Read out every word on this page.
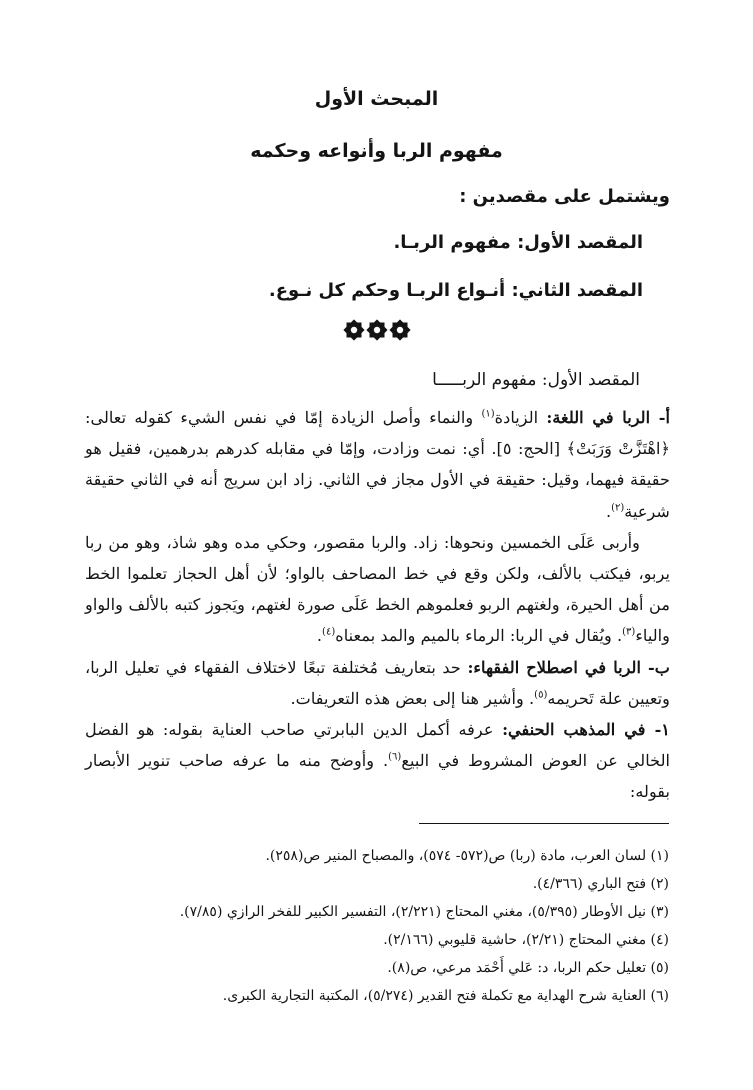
المبحث الأول
مفهوم الربا وأنواعه وحكمه
ويشتمل على مقصدين :
المقصد الأول: مفهوم الربـا.
المقصد الثاني: أنـواع الربـا وحكم كل نـوع.
المقصد الأول: مفهوم الربـــــا

أ- الربا في اللغة: الزيادة$^{(١)}$ والنماء وأصل الزيادة إمّا في نفس الشيء كقوله تعالى: ﴿اهْتَزَّتْ وَرَبَتْ﴾ [الحج: ٥]. أي: نمت وزادت، وإمّا في مقابله كدرهم بدرهمين، فقيل هو حقيقة فيهما، وقيل: حقيقة في الأول مجاز في الثاني. زاد ابن سريج أنه في الثاني حقيقة شرعية$^{(٢)}$.

وأربى عَلَى الخمسين ونحوها: زاد. والربا مقصور، وحكي مده وهو شاذ، وهو من ربا يربو، فيكتب بالألف، ولكن وقع في خط المصاحف بالواو؛ لأن أهل الحجاز تعلموا الخط من أهل الحيرة، ولغتهم الربو فعلموهم الخط عَلَى صورة لغتهم، ويَجوز كتبه بالألف والواو والياء$^{(٣)}$. ويُقال في الربا: الرماء بالميم والمد بمعناه$^{(٤)}$.

ب- الربا في اصطلاح الفقهاء: حد بتعاريف مُختلفة تبعًا لاختلاف الفقهاء في تعليل الربا، وتعيين علة تَحريمه$^{(٥)}$. وأشير هنا إلى بعض هذه التعريفات.

١- في المذهب الحنفي: عرفه أكمل الدين البابرتي صاحب العناية بقوله: هو الفضل الخالي عن العوض المشروط في البيع$^{(٦)}$. وأوضح منه ما عرفه صاحب تنوير الأبصار بقوله:

(١) لسان العرب، مادة (ربا) ص(٥٧٢- ٥٧٤)، والمصباح المنير ص(٢٥٨).
(٢) فتح الباري (٤/٣٦٦).
(٣) نيل الأوطار (٥/٣٩٥)، مغني المحتاج (٢/٢٢١)، التفسير الكبير للفخر الرازي (٧/٨٥).
(٤) مغني المحتاج (٢/٢١)، حاشية قليوبي (٢/١٦٦).
(٥) تعليل حكم الربا، د: عَلي أَحْمَد مرعي، ص(٨).
(٦) العناية شرح الهداية مع تكملة فتح القدير (٥/٢٧٤)، المكتبة التجارية الكبرى.
